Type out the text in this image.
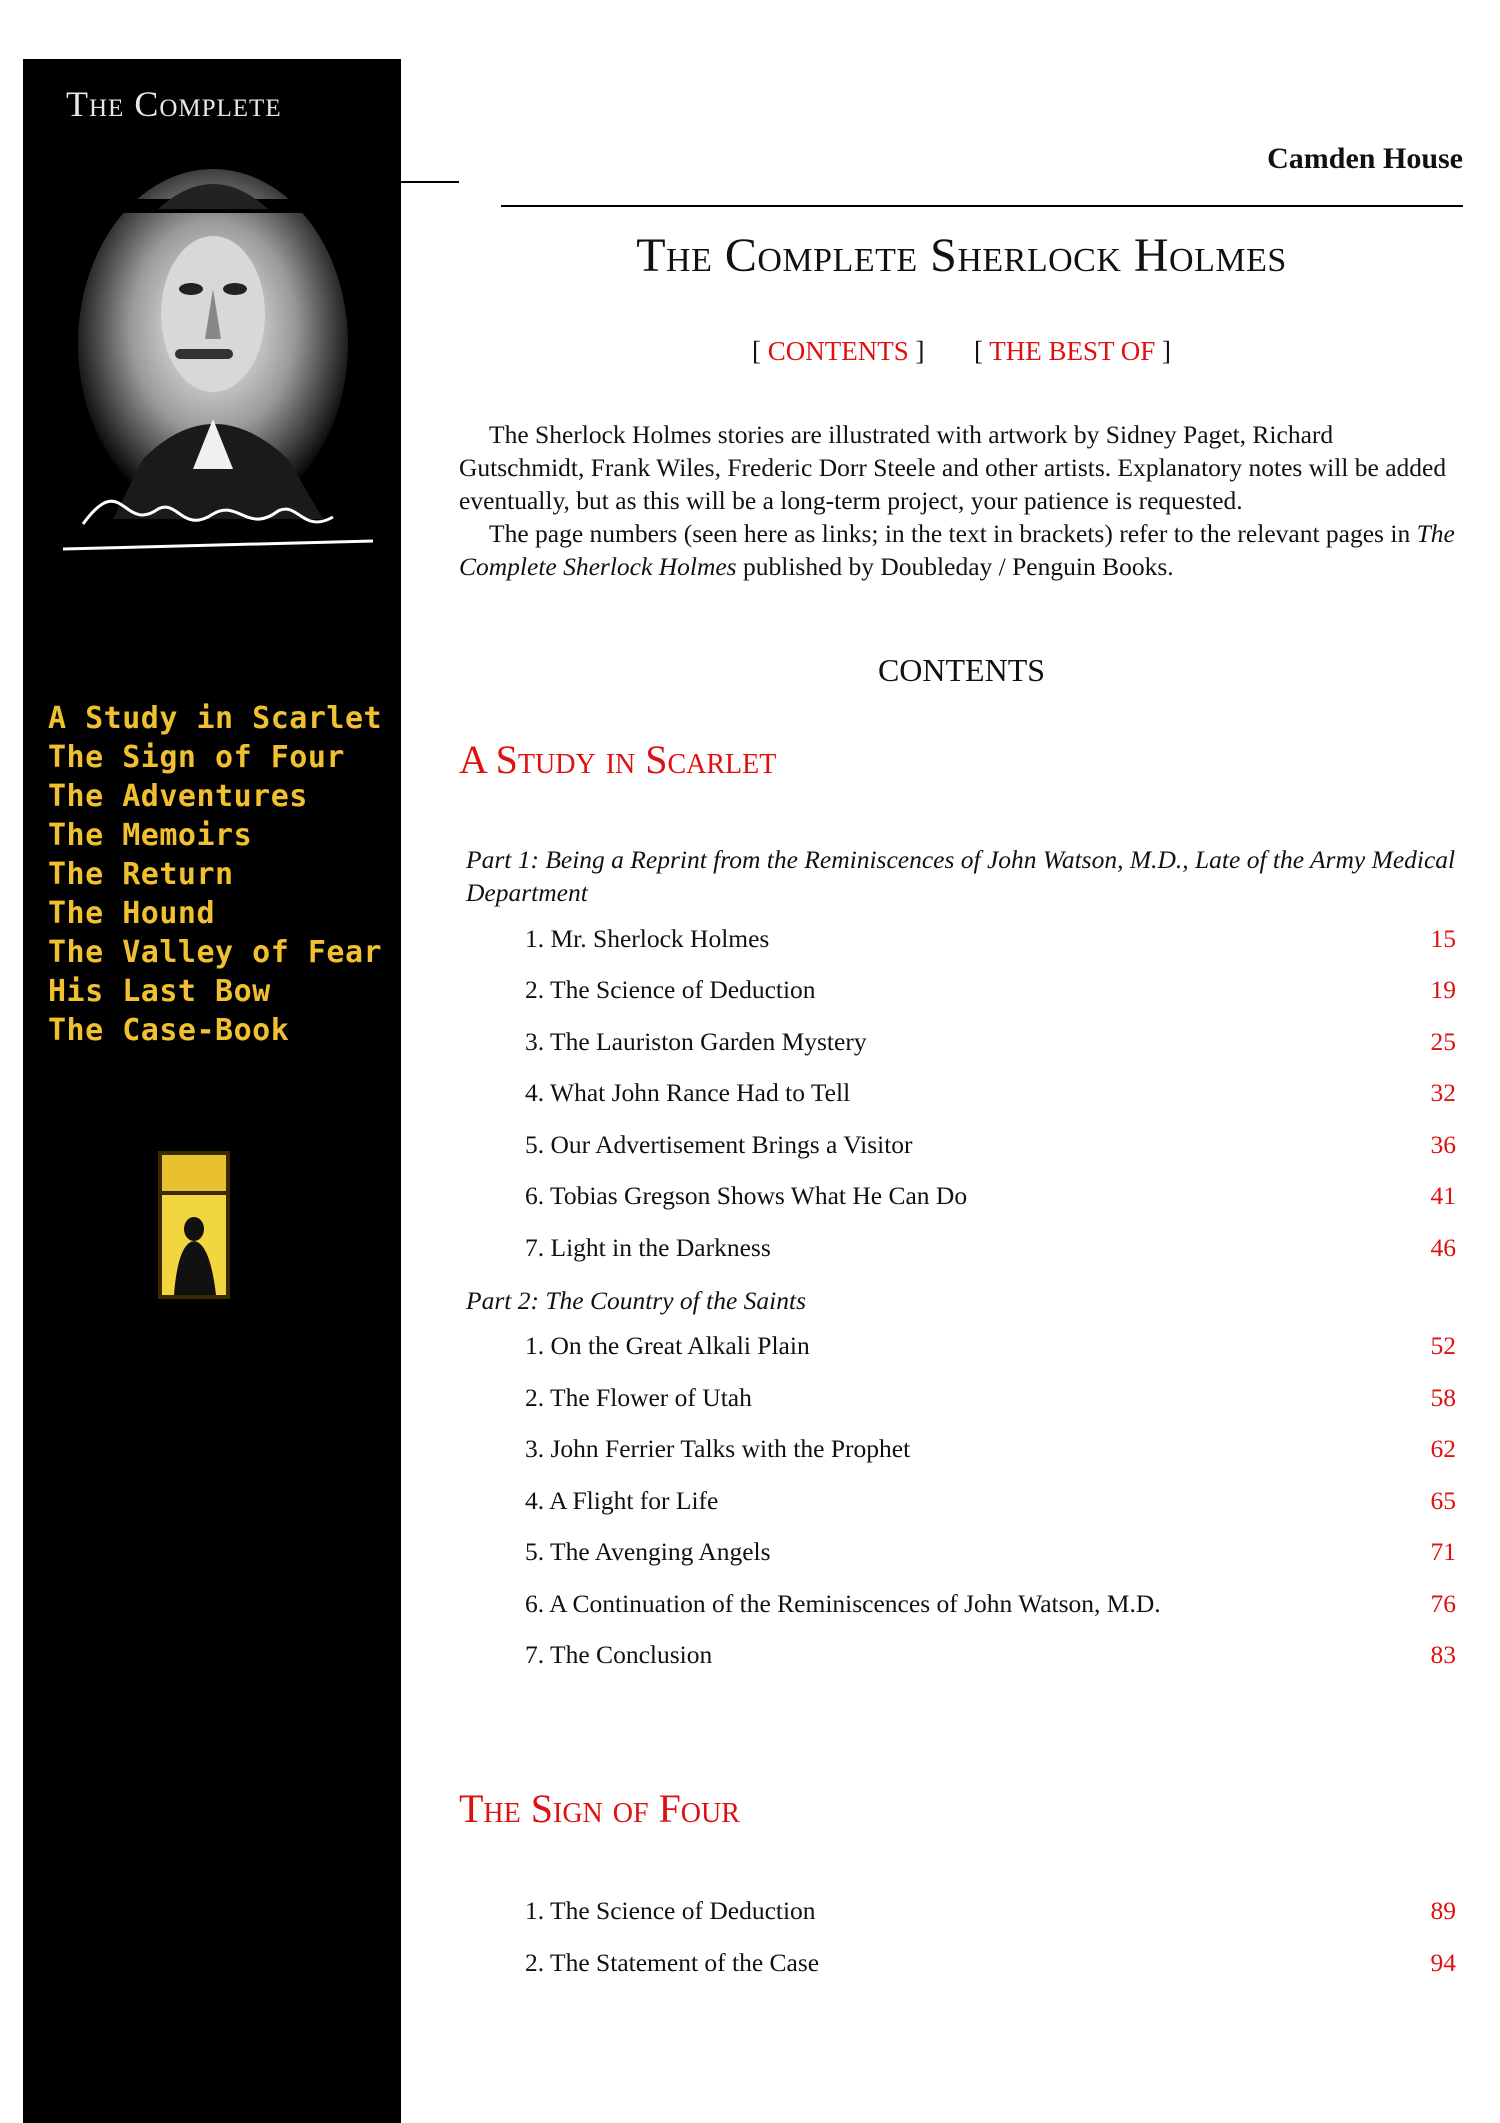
The Complete
A Study in Scarlet
The Sign of Four
The Adventures
The Memoirs
The Return
The Hound
The Valley of Fear
His Last Bow
The Case-Book
Camden House
The Complete Sherlock Holmes
[ CONTENTS ] [ THE BEST OF ]

The Sherlock Holmes stories are illustrated with artwork by Sidney Paget, Richard Gutschmidt, Frank Wiles, Frederic Dorr Steele and other artists. Explanatory notes will be added eventually, but as this will be a long-term project, your patience is requested.

The page numbers (seen here as links; in the text in brackets) refer to the relevant pages in The Complete Sherlock Holmes published by Doubleday / Penguin Books.

CONTENTS
A Study in Scarlet
Part 1: Being a Reprint from the Reminiscences of John Watson, M.D., Late of the Army Medical Department
1. Mr. Sherlock Holmes	15
2. The Science of Deduction	19
3. The Lauriston Garden Mystery	25
4. What John Rance Had to Tell	32
5. Our Advertisement Brings a Visitor	36
6. Tobias Gregson Shows What He Can Do	41
7. Light in the Darkness	46
Part 2: The Country of the Saints
1. On the Great Alkali Plain	52
2. The Flower of Utah	58
3. John Ferrier Talks with the Prophet	62
4. A Flight for Life	65
5. The Avenging Angels	71
6. A Continuation of the Reminiscences of John Watson, M.D.	76
7. The Conclusion	83
The Sign of Four
1. The Science of Deduction	89
2. The Statement of the Case	94
